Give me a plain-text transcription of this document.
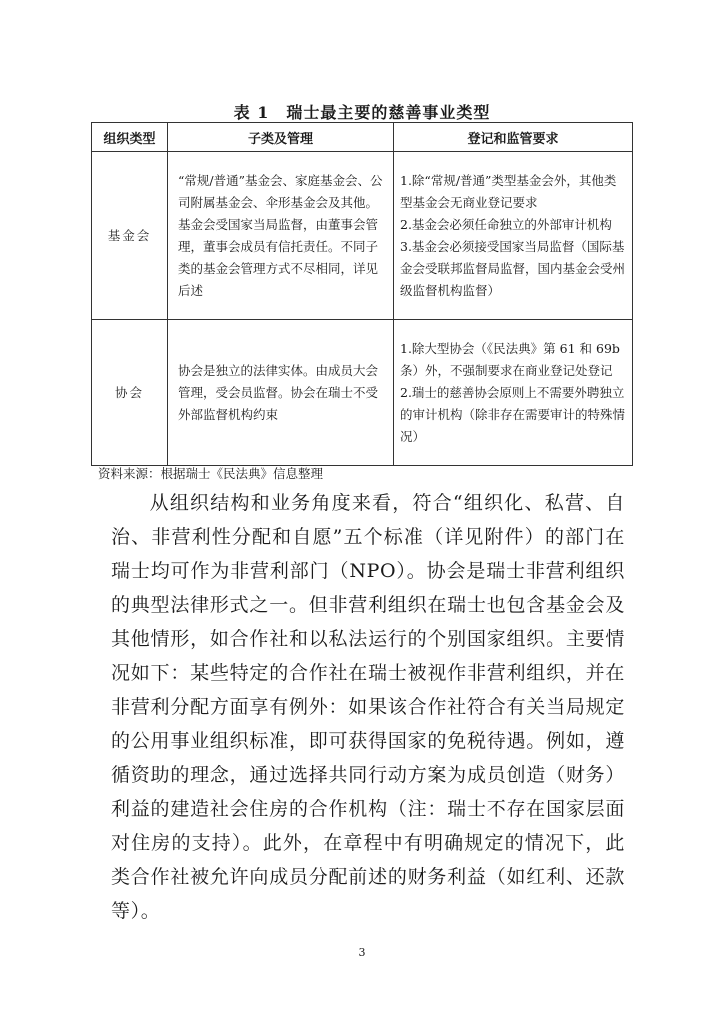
表 1　瑞士最主要的慈善事业类型
组织类型	子类及管理	登记和监管要求
基金会	“常规/普通”基金会、家庭基金会、公司附属基金会、伞形基金会及其他。基金会受国家当局监督，由董事会管理，董事会成员有信托责任。不同子类的基金会管理方式不尽相同，详见后述	1.除“常规/普通”类型基金会外，其他类型基金会无商业登记要求
2.基金会必须任命独立的外部审计机构
3.基金会必须接受国家当局监督（国际基金会受联邦监督局监督，国内基金会受州级监督机构监督）

协会	协会是独立的法律实体。由成员大会管理，受会员监督。协会在瑞士不受外部监督机构约束	1.除大型协会（《民法典》第 61 和 69b 条）外，不强制要求在商业登记处登记
2.瑞士的慈善协会原则上不需要外聘独立的审计机构（除非存在需要审计的特殊情况）
资料来源：根据瑞士《民法典》信息整理

从组织结构和业务角度来看，符合“组织化、私营、自治、非营利性分配和自愿”五个标准（详见附件）的部门在瑞士均可作为非营利部门（NPO）。协会是瑞士非营利组织的典型法律形式之一。但非营利组织在瑞士也包含基金会及其他情形，如合作社和以私法运行的个别国家组织。主要情况如下：某些特定的合作社在瑞士被视作非营利组织，并在非营利分配方面享有例外：如果该合作社符合有关当局规定的公用事业组织标准，即可获得国家的免税待遇。例如，遵循资助的理念，通过选择共同行动方案为成员创造（财务）利益的建造社会住房的合作机构（注：瑞士不存在国家层面对住房的支持）。此外，在章程中有明确规定的情况下，此类合作社被允许向成员分配前述的财务利益（如红利、还款等）。

3
